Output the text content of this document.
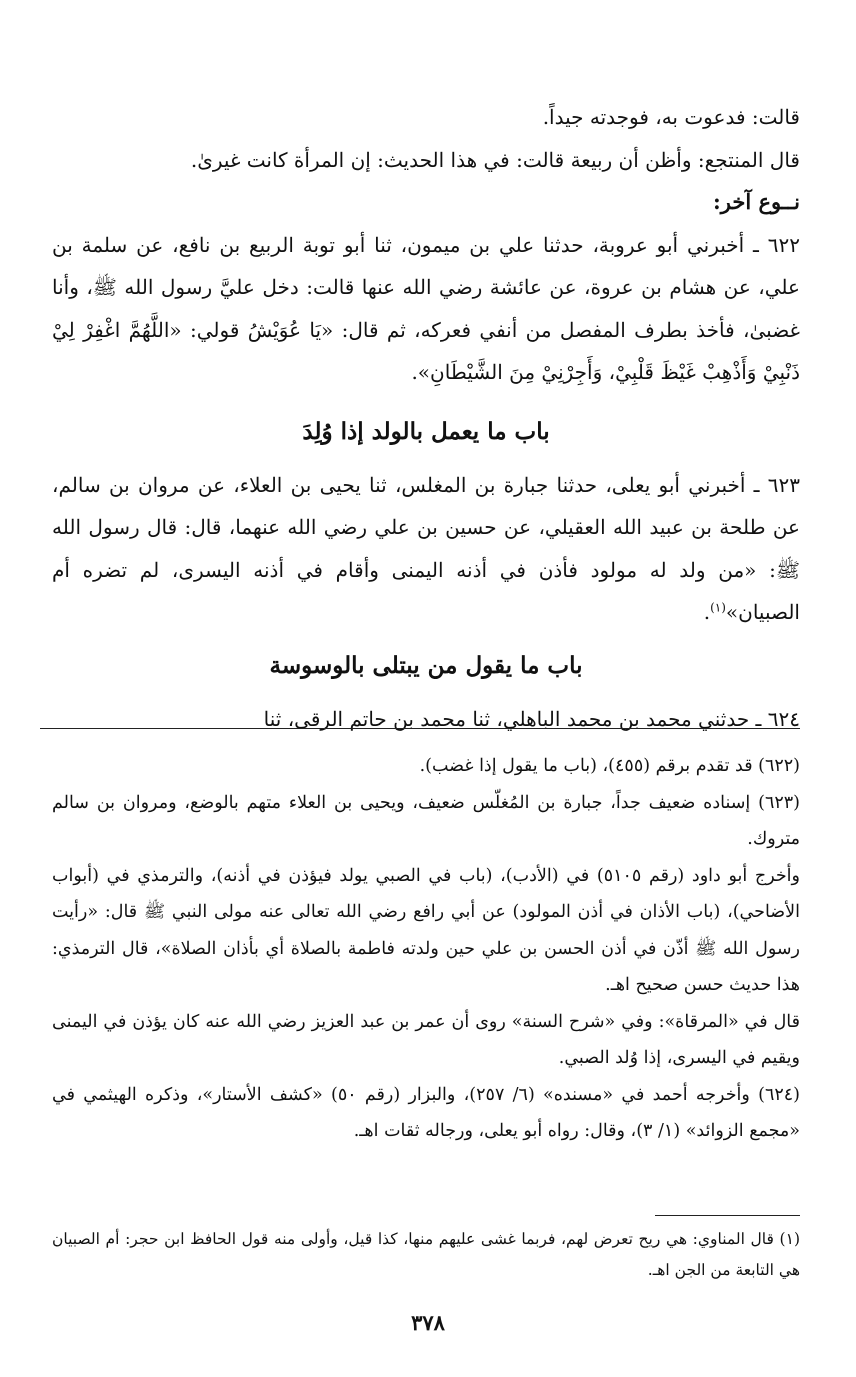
قالت: فدعوت به، فوجدته جيداً.

قال المنتجع: وأظن أن ربيعة قالت: في هذا الحديث: إن المرأة كانت غيرىٰ.

نــوع آخر:

٦٢٢ ـ أخبرني أبو عروبة، حدثنا علي بن ميمون، ثنا أبو توبة الربيع بن نافع، عن سلمة بن علي، عن هشام بن عروة، عن عائشة رضي الله عنها قالت: دخل عليَّ رسول الله ﷺ، وأنا غضبىٰ، فأخذ بطرف المفصل من أنفي فعركه، ثم قال: «يَا عُوَيْشُ قولي: «اللَّهُمَّ اغْفِرْ لِيْ ذَنْبِيْ وَأَذْهِبْ غَيْظَ قَلْبِيْ، وَأَجِرْنِيْ مِنَ الشَّيْطَانِ».

باب ما يعمل بالولد إذا وُلِدَ

٦٢٣ ـ أخبرني أبو يعلى، حدثنا جبارة بن المغلس، ثنا يحيى بن العلاء، عن مروان بن سالم، عن طلحة بن عبيد الله العقيلي، عن حسين بن علي رضي الله عنهما، قال: قال رسول الله ﷺ: «من ولد له مولود فأذن في أذنه اليمنى وأقام في أذنه اليسرى، لم تضره أم الصبيان»$^{(١)}$.

باب ما يقول من يبتلى بالوسوسة

٦٢٤ ـ حدثني محمد بن محمد الباهلي، ثنا محمد بن حاتم الرقى، ثنا

(٦٢٢) قد تقدم برقم (٤٥٥)، (باب ما يقول إذا غضب).

(٦٢٣) إسناده ضعيف جداً، جبارة بن المُغلّس ضعيف، ويحيى بن العلاء متهم بالوضع، ومروان بن سالم متروك.

وأخرج أبو داود (رقم ٥١٠٥) في (الأدب)، (باب في الصبي يولد فيؤذن في أذنه)، والترمذي في (أبواب الأضاحي)، (باب الأذان في أذن المولود) عن أبي رافع رضي الله تعالى عنه مولى النبي ﷺ قال: «رأيت رسول الله ﷺ أذّن في أذن الحسن بن علي حين ولدته فاطمة بالصلاة أي بأذان الصلاة»، قال الترمذي: هذا حديث حسن صحيح اهـ.

قال في «المرقاة»: وفي «شرح السنة» روى أن عمر بن عبد العزيز رضي الله عنه كان يؤذن في اليمنى ويقيم في اليسرى، إذا وُلد الصبي.

(٦٢٤) وأخرجه أحمد في «مسنده» (٦/ ٢٥٧)، والبزار (رقم ٥٠) «كشف الأستار»، وذكره الهيثمي في «مجمع الزوائد» (١/ ٣)، وقال: رواه أبو يعلى، ورجاله ثقات اهـ.

(١) قال المناوي: هي ريح تعرض لهم، فربما غشى عليهم منها، كذا قيل، وأولى منه قول الحافظ ابن حجر: أم الصبيان هي التابعة من الجن اهـ.

٣٧٨
